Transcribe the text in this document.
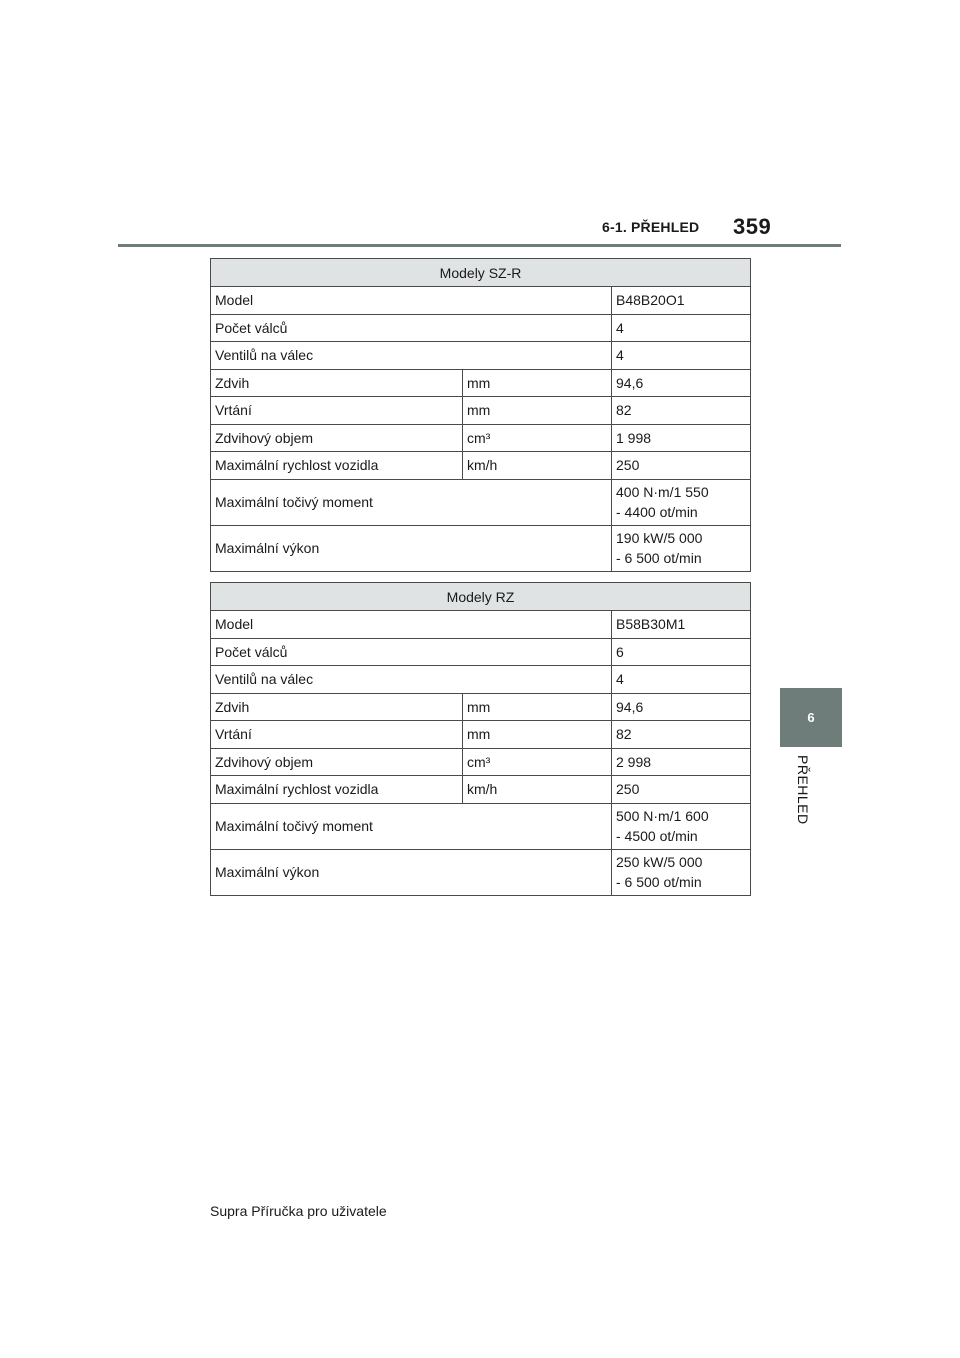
6-1. PŘEHLED 359
6
PŘEHLED
Modely SZ-R		
Model		B48B20O1

Počet válců		4

Ventilů na válec		4

Zdvih	mm	94,6

Vrtání	mm	82

Zdvihový objem	cm³	1 998

Maximální rychlost vozidla	km/h	250

Maximální točivý moment		400 N·m/1 550
- 4400 ot/min

Maximální výkon		190 kW/5 000
- 6 500 ot/min
Modely RZ		
Model		B58B30M1

Počet válců		6

Ventilů na válec		4

Zdvih	mm	94,6

Vrtání	mm	82

Zdvihový objem	cm³	2 998

Maximální rychlost vozidla	km/h	250

Maximální točivý moment		500 N·m/1 600
- 4500 ot/min

Maximální výkon		250 kW/5 000
- 6 500 ot/min
Supra Příručka pro uživatele
